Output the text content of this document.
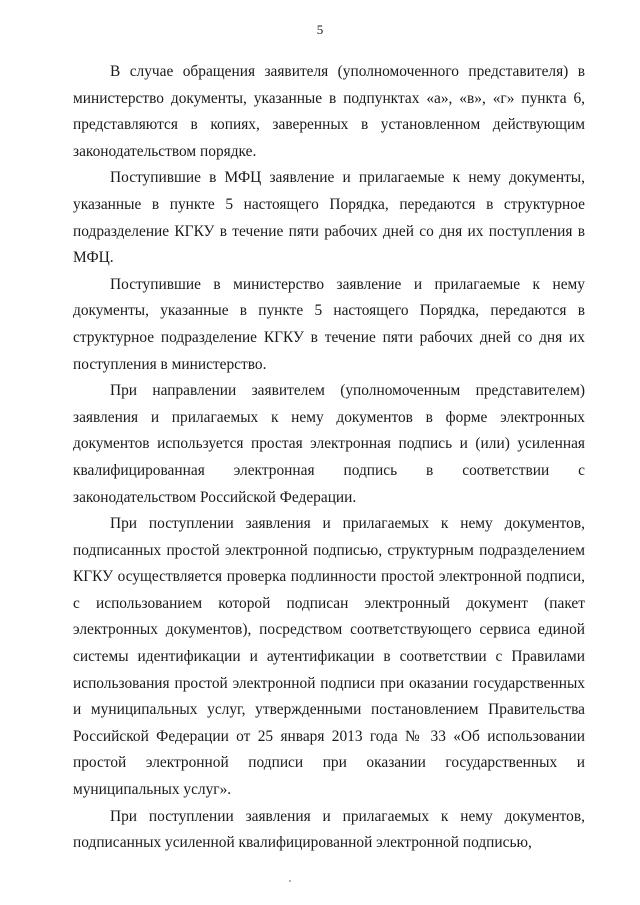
5

В случае обращения заявителя (уполномоченного представителя) в министерство документы, указанные в подпунктах «а», «в», «г» пункта 6, представляются в копиях, заверенных в установленном действующим законодательством порядке.

Поступившие в МФЦ заявление и прилагаемые к нему документы, указанные в пункте 5 настоящего Порядка, передаются в структурное подразделение КГКУ в течение пяти рабочих дней со дня их поступления в МФЦ.

Поступившие в министерство заявление и прилагаемые к нему документы, указанные в пункте 5 настоящего Порядка, передаются в структурное подразделение КГКУ в течение пяти рабочих дней со дня их поступления в министерство.

При направлении заявителем (уполномоченным представителем) заявления и прилагаемых к нему документов в форме электронных документов используется простая электронная подпись и (или) усиленная квалифицированная электронная подпись в соответствии с законодательством Российской Федерации.

При поступлении заявления и прилагаемых к нему документов, подписанных простой электронной подписью, структурным подразделением КГКУ осуществляется проверка подлинности простой электронной подписи, с использованием которой подписан электронный документ (пакет электронных документов), посредством соответствующего сервиса единой системы идентификации и аутентификации в соответствии с Правилами использования простой электронной подписи при оказании государственных и муниципальных услуг, утвержденными постановлением Правительства Российской Федерации от 25 января 2013 года № 33 «Об использовании простой электронной подписи при оказании государственных и муниципальных услуг».

При поступлении заявления и прилагаемых к нему документов, подписанных усиленной квалифицированной электронной подписью,
